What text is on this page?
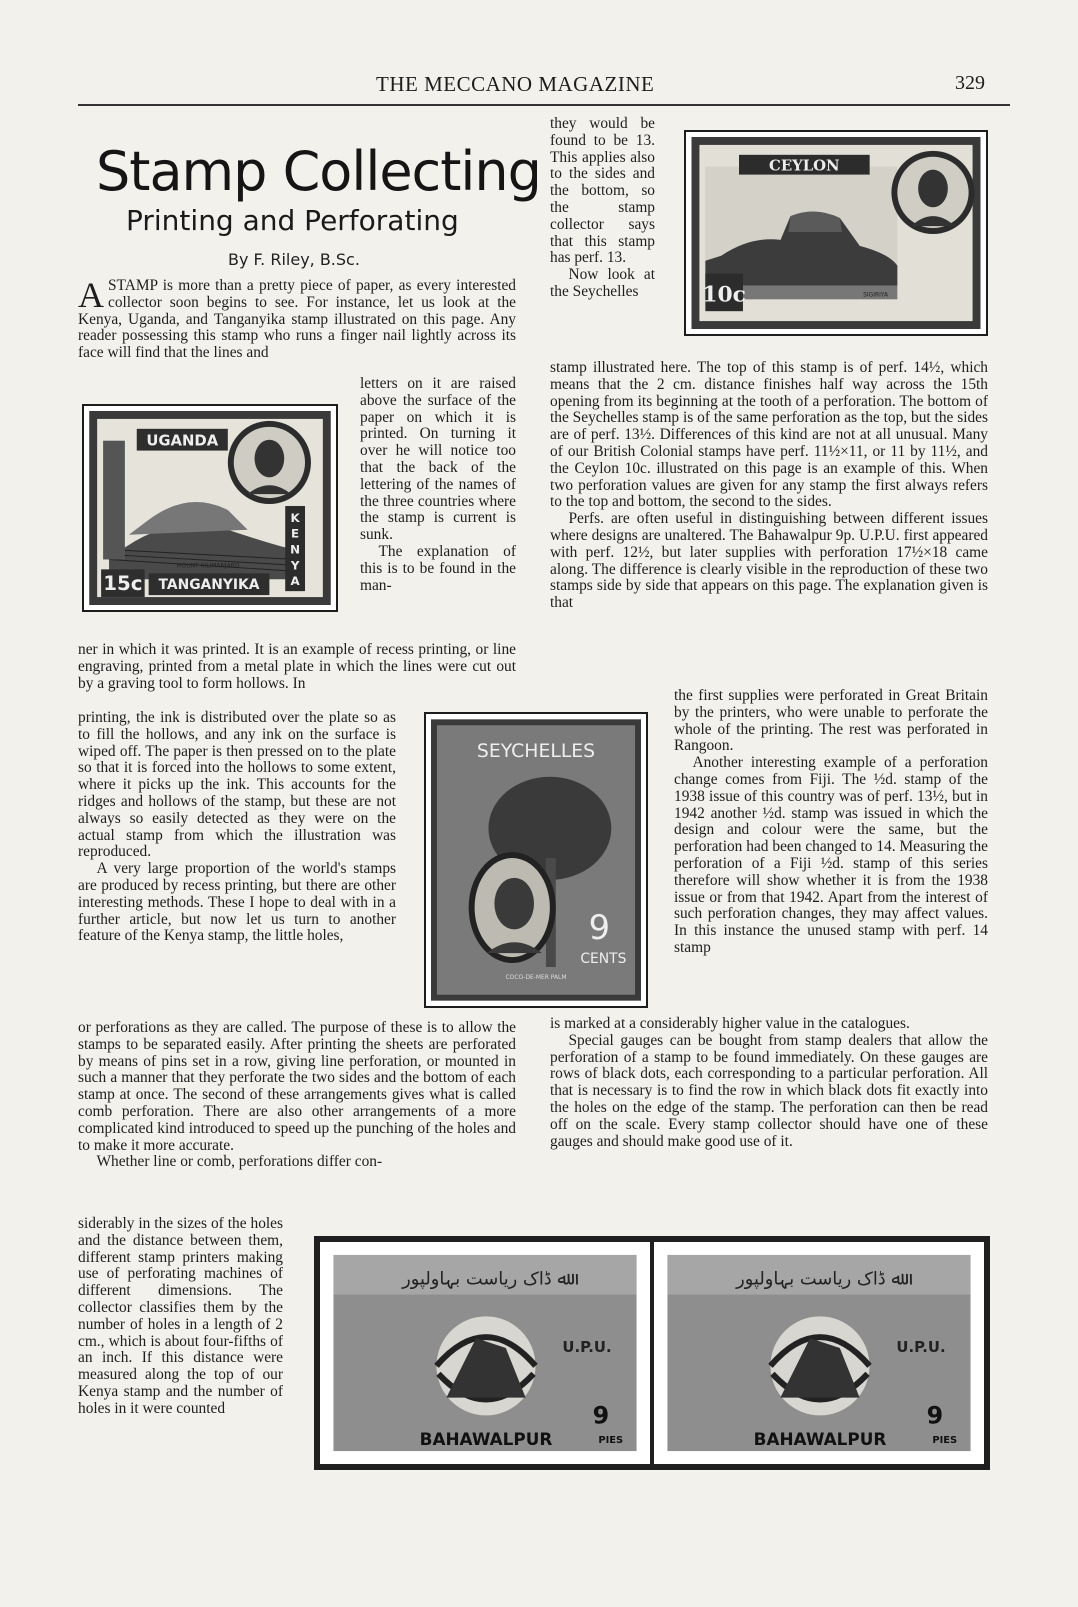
THE MECCANO MAGAZINE	329
Stamp Collecting
Printing and Perforating
By F. Riley, B.Sc.

A STAMP is more than a pretty piece of paper, as every interested collector soon begins to see. For instance, let us look at the Kenya, Uganda, and Tanganyika stamp illustrated on this page. Any reader possessing this stamp who runs a finger nail lightly across its face will find that the lines and

letters on it are raised above the surface of the paper on which it is printed. On turning it over he will notice too that the back of the lettering of the names of the three countries where the stamp is current is sunk.

The explanation of this is to be found in the man-

ner in which it was printed. It is an example of recess printing, or line engraving, printed from a metal plate in which the lines were cut out by a graving tool to form hollows. In

printing, the ink is distributed over the plate so as to fill the hollows, and any ink on the surface is wiped off. The paper is then pressed on to the plate so that it is forced into the hollows to some extent, where it picks up the ink. This accounts for the ridges and hollows of the stamp, but these are not always so easily detected as they were on the actual stamp from which the illustration was reproduced.

A very large proportion of the world's stamps are produced by recess printing, but there are other interesting methods. These I hope to deal with in a further article, but now let us turn to another feature of the Kenya stamp, the little holes,

or perforations as they are called. The purpose of these is to allow the stamps to be separated easily. After printing the sheets are perforated by means of pins set in a row, giving line perforation, or mounted in such a manner that they perforate the two sides and the bottom of each stamp at once. The second of these arrangements gives what is called comb perforation. There are also other arrangements of a more complicated kind introduced to speed up the punching of the holes and to make it more accurate.

Whether line or comb, perforations differ con-

siderably in the sizes of the holes and the distance between them, different stamp printers making use of perforating machines of different dimensions. The collector classifies them by the number of holes in a length of 2 cm., which is about four-fifths of an inch. If this distance were measured along the top of our Kenya stamp and the number of holes in it were counted

they would be found to be 13. This applies also to the sides and the bottom, so the stamp collector says that this stamp has perf. 13.

Now look at the Seychelles

stamp illustrated here. The top of this stamp is of perf. 14½, which means that the 2 cm. distance finishes half way across the 15th opening from its beginning at the tooth of a perforation. The bottom of the Seychelles stamp is of the same perforation as the top, but the sides are of perf. 13½. Differences of this kind are not at all unusual. Many of our British Colonial stamps have perf. 11½×11, or 11 by 11½, and the Ceylon 10c. illustrated on this page is an example of this. When two perforation values are given for any stamp the first always refers to the top and bottom, the second to the sides.

Perfs. are often useful in distinguishing between different issues where designs are unaltered. The Bahawalpur 9p. U.P.U. first appeared with perf. 12½, but later supplies with perforation 17½×18 came along. The difference is clearly visible in the reproduction of these two stamps side by side that appears on this page. The explanation given is that

the first supplies were perforated in Great Britain by the printers, who were unable to perforate the whole of the printing. The rest was perforated in Rangoon.

Another interesting example of a perforation change comes from Fiji. The ½d. stamp of the 1938 issue of this country was of perf. 13½, but in 1942 another ½d. stamp was issued in which the design and colour were the same, but the perforation had been changed to 14. Measuring the perforation of a Fiji ½d. stamp of this series therefore will show whether it is from the 1938 issue or from that 1942. Apart from the interest of such perforation changes, they may affect values. In this instance the unused stamp with perf. 14 stamp

is marked at a considerably higher value in the catalogues.

Special gauges can be bought from stamp dealers that allow the perforation of a stamp to be found immediately. On these gauges are rows of black dots, each corresponding to a particular perforation. All that is necessary is to find the row in which black dots fit exactly into the holes on the edge of the stamp. The perforation can then be read off on the scale. Every stamp collector should have one of these gauges and should make good use of it.

UGANDA
TANGANYIKA
K
E
N
Y
A
15c
MOUNT KILIMANJARO
CEYLON
10c	SIGIRIYA
SEYCHELLES
9
CENTS
COCO-DE-MER PALM
ﷲ ڈاک ریاست بہاولپور
U.P.U.
9
PIES
BAHAWALPUR
ﷲ ڈاک ریاست بہاولپور
U.P.U.
9
PIES
BAHAWALPUR
